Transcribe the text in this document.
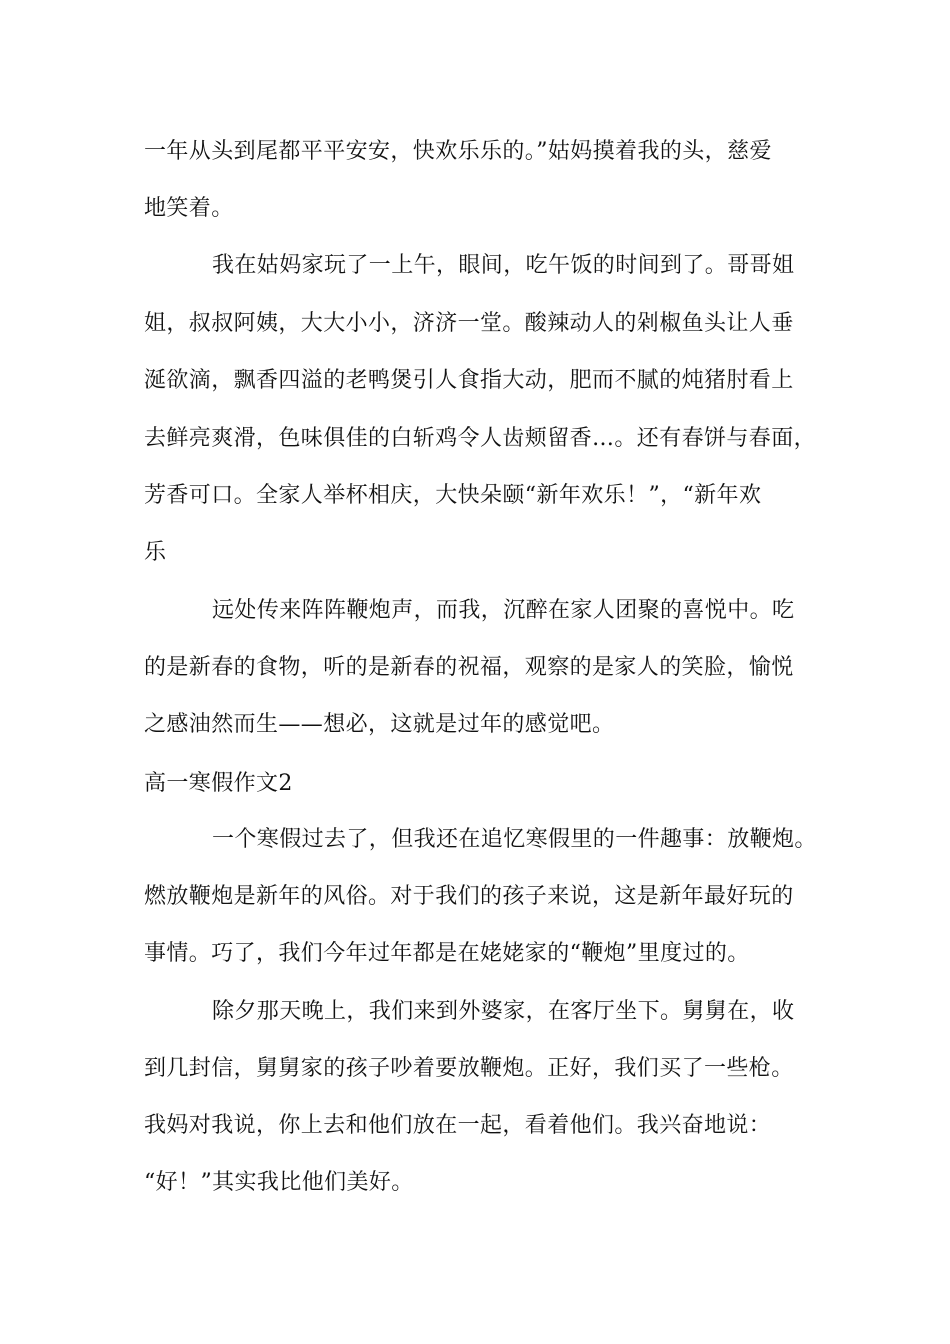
一年从头到尾都平平安安，快欢乐乐的。”姑妈摸着我的头，慈爱
地笑着。
我在姑妈家玩了一上午，眼间，吃午饭的时间到了。哥哥姐
姐，叔叔阿姨，大大小小，济济一堂。酸辣动人的剁椒鱼头让人垂
涎欲滴，飘香四溢的老鸭煲引人食指大动，肥而不腻的炖猪肘看上
去鲜亮爽滑，色味俱佳的白斩鸡令人齿颊留香…。还有春饼与春面，
芳香可口。全家人举杯相庆，大快朵颐“新年欢乐！”，“新年欢
乐
远处传来阵阵鞭炮声，而我，沉醉在家人团聚的喜悦中。吃
的是新春的食物，听的是新春的祝福，观察的是家人的笑脸，愉悦
之感油然而生——想必，这就是过年的感觉吧。
高一寒假作文2
一个寒假过去了，但我还在追忆寒假里的一件趣事：放鞭炮。
燃放鞭炮是新年的风俗。对于我们的孩子来说，这是新年最好玩的
事情。巧了，我们今年过年都是在姥姥家的“鞭炮”里度过的。
除夕那天晚上，我们来到外婆家，在客厅坐下。舅舅在，收
到几封信，舅舅家的孩子吵着要放鞭炮。正好，我们买了一些枪。
我妈对我说，你上去和他们放在一起，看着他们。我兴奋地说：
“好！”其实我比他们美好。
